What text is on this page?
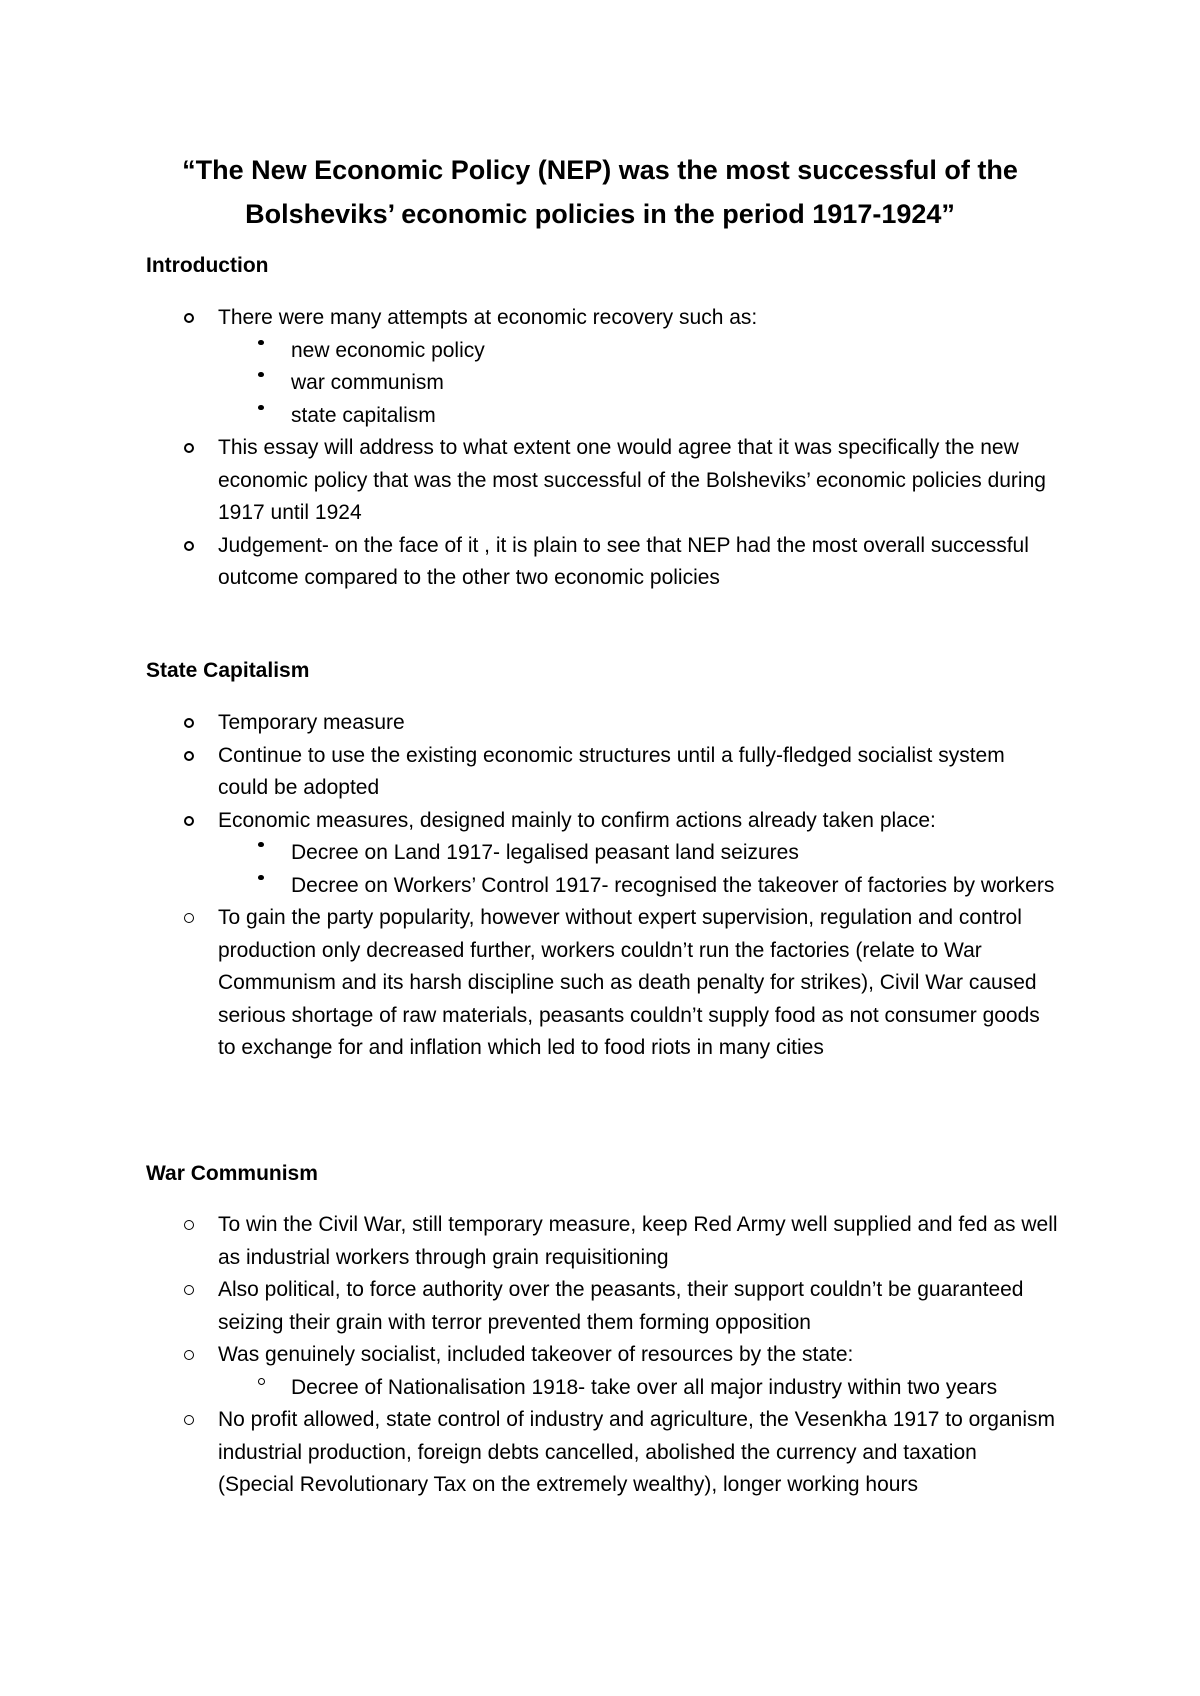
“The New Economic Policy (NEP) was the most successful of the
Bolsheviks’ economic policies in the period 1917-1924”
Introduction
There were many attempts at economic recovery such as:
new economic policy
war communism
state capitalism
This essay will address to what extent one would agree that it was specifically the new economic policy that was the most successful of the Bolsheviks’ economic policies during 1917 until 1924
Judgement- on the face of it , it is plain to see that NEP had the most overall successful outcome compared to the other two economic policies
State Capitalism
Temporary measure
Continue to use the existing economic structures until a fully-fledged socialist system could be adopted
Economic measures, designed mainly to confirm actions already taken place:
Decree on Land 1917- legalised peasant land seizures
Decree on Workers’ Control 1917- recognised the takeover of factories by workers
To gain the party popularity, however without expert supervision, regulation and control production only decreased further, workers couldn’t run the factories (relate to War Communism and its harsh discipline such as death penalty for strikes), Civil War caused serious shortage of raw materials, peasants couldn’t supply food as not consumer goods to exchange for and inflation which led to food riots in many cities
War Communism
To win the Civil War, still temporary measure, keep Red Army well supplied and fed as well as industrial workers through grain requisitioning
Also political, to force authority over the peasants, their support couldn’t be guaranteed seizing their grain with terror prevented them forming opposition
Was genuinely socialist, included takeover of resources by the state:
Decree of Nationalisation 1918- take over all major industry within two years
No profit allowed, state control of industry and agriculture, the Vesenkha 1917 to organism industrial production, foreign debts cancelled, abolished the currency and taxation (Special Revolutionary Tax on the extremely wealthy), longer working hours
